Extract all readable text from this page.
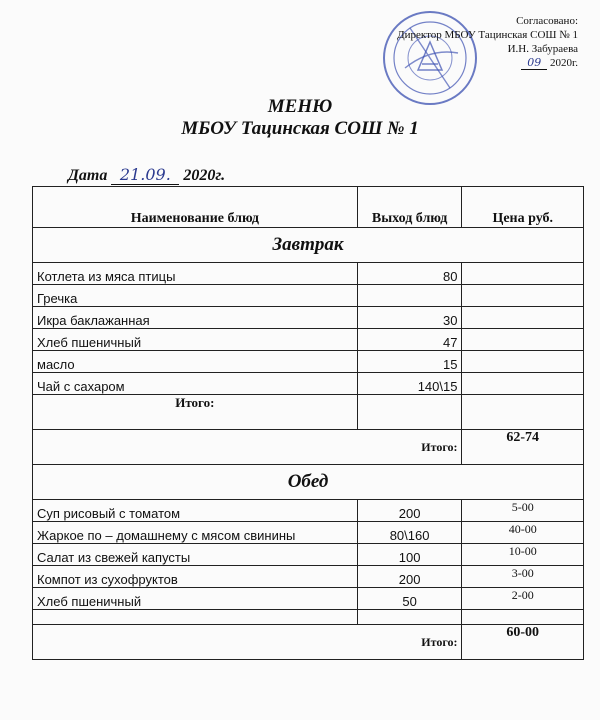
Согласовано:
Директор МБОУ Тацинская СОШ № 1
И.Н. Забураева
09 2020г.
МЕНЮ
МБОУ Тацинская СОШ № 1
Дата 21.09. 2020г.
Наименование блюд	Выход блюд	Цена руб.
Завтрак		
Котлета из мяса птицы	80	
Гречка		
Икра баклажанная	30	
Хлеб пшеничный	47	
масло	15	
Чай с сахаром	140\15	
Итого:		
Итого:		62-74
Обед		
Суп рисовый с томатом	200	5-00
Жаркое по – домашнему с мясом свинины	80\160	40-00
Салат из свежей капусты	100	10-00
Компот из сухофруктов	200	3-00
Хлеб пшеничный	50	2-00

Итого:		60-00
